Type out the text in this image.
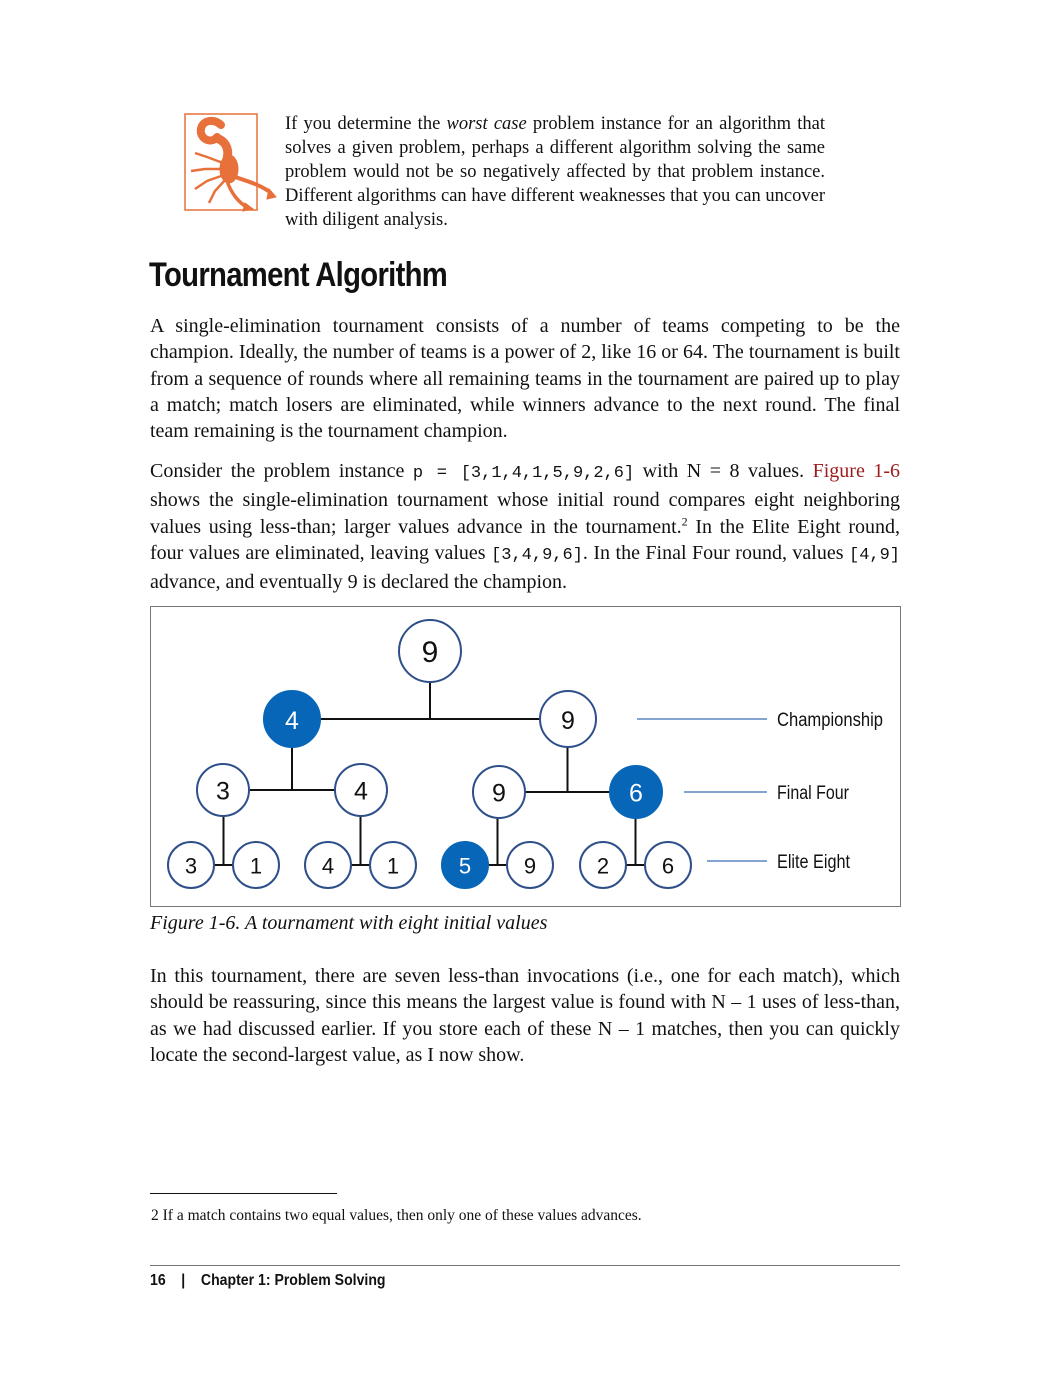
If you determine the worst case problem instance for an algorithm that solves a given problem, perhaps a different algorithm solving the same problem would not be so negatively affected by that problem instance. Different algorithms can have different weaknesses that you can uncover with diligent analysis.
Tournament Algorithm

A single-elimination tournament consists of a number of teams competing to be the champion. Ideally, the number of teams is a power of 2, like 16 or 64. The tournament is built from a sequence of rounds where all remaining teams in the tournament are paired up to play a match; match losers are eliminated, while winners advance to the next round. The final team remaining is the tournament champion.

Consider the problem instance p = [3,1,4,1,5,9,2,6] with N = 8 values. Figure 1-6 shows the single-elimination tournament whose initial round compares eight neighboring values using less-than; larger values advance in the tournament.$^2$ In the Elite Eight round, four values are eliminated, leaving values [3,4,9,6]. In the Final Four round, values [4,9] advance, and eventually 9 is declared the champion.

9
4	9
3	4	9	6
3 1	4 1	5 9	2 6
Championship
Final Four
Elite Eight
Figure 1-6. A tournament with eight initial values

In this tournament, there are seven less-than invocations (i.e., one for each match), which should be reassuring, since this means the largest value is found with N – 1 uses of less-than, as we had discussed earlier. If you store each of these N – 1 matches, then you can quickly locate the second-largest value, as I now show.

2 If a match contains two equal values, then only one of these values advances.
16    |    Chapter 1: Problem Solving
